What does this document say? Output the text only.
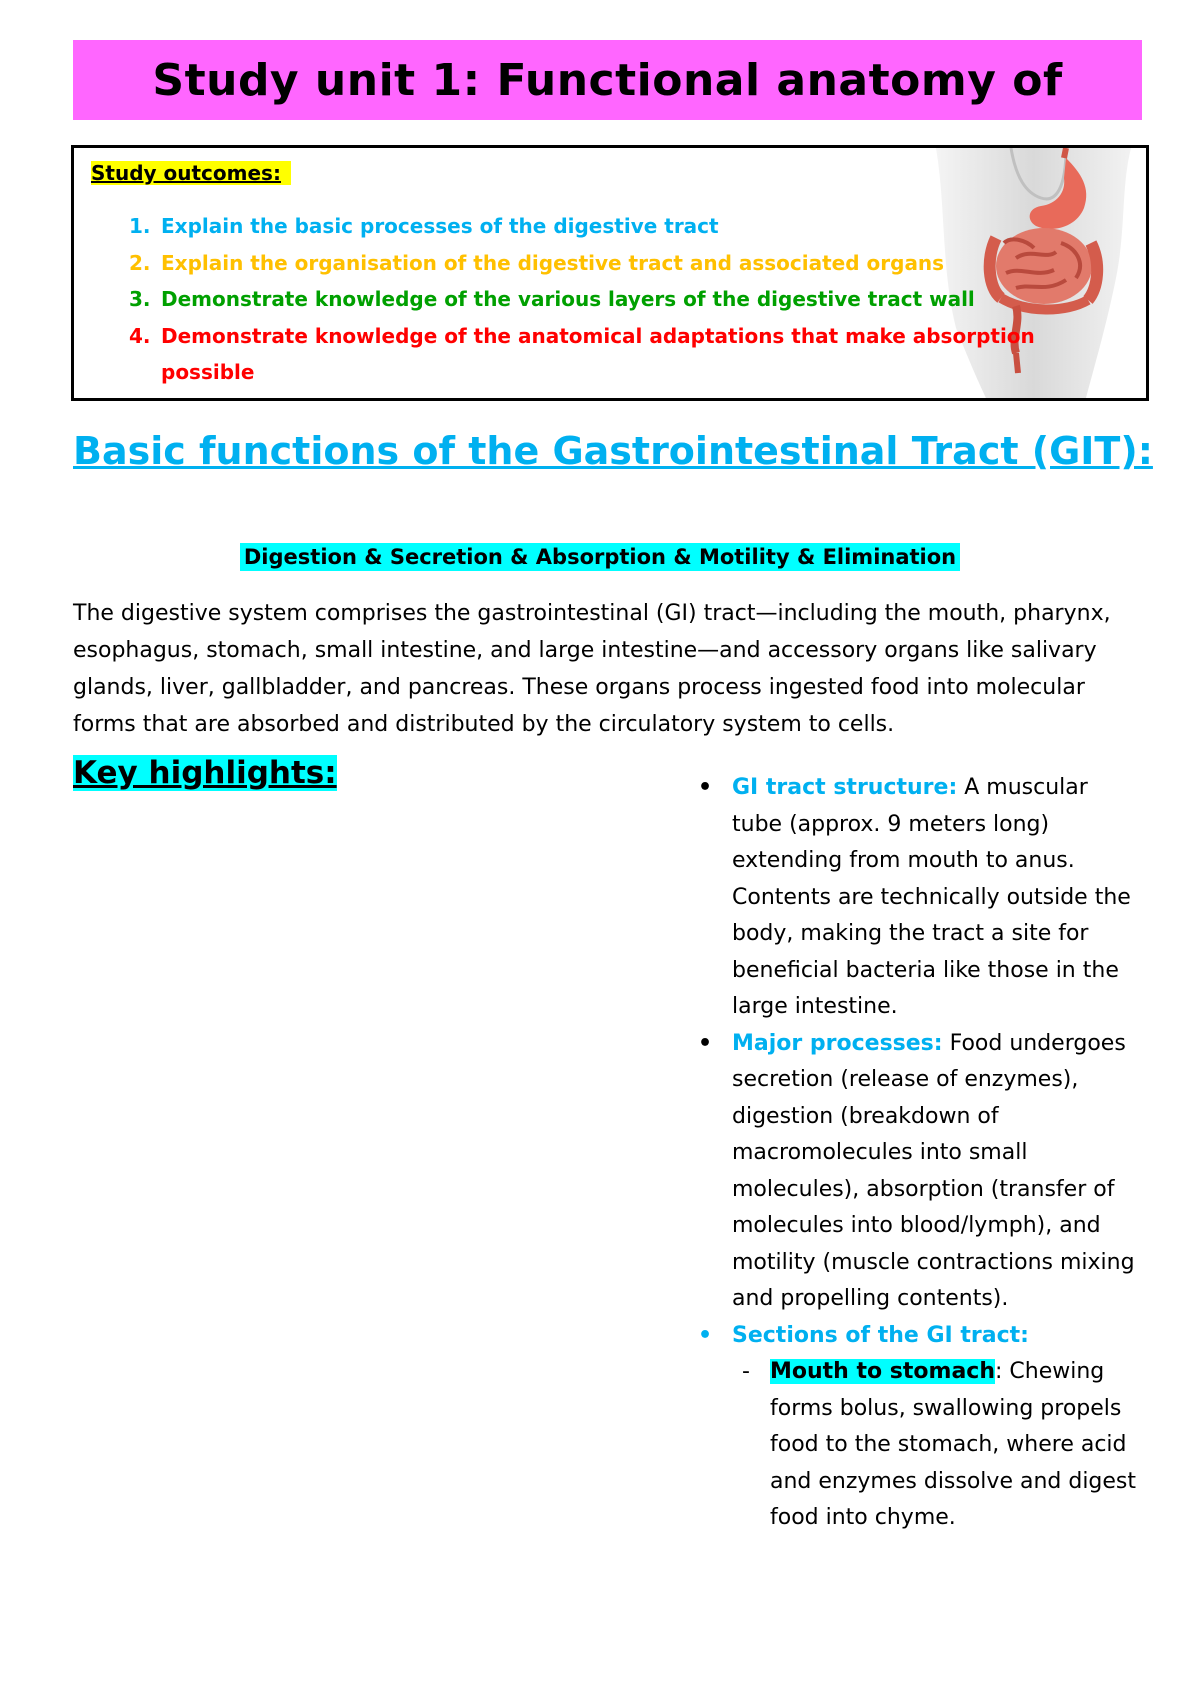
Study unit 1: Functional anatomy of
Study outcomes:
1. Explain the basic processes of the digestive tract
2. Explain the organisation of the digestive tract and associated organs
3. Demonstrate knowledge of the various layers of the digestive tract wall
4. Demonstrate knowledge of the anatomical adaptations that make absorption possible
Basic functions of the Gastrointestinal Tract (GIT):
Digestion & Secretion & Absorption & Motility & Elimination

The digestive system comprises the gastrointestinal (GI) tract—including the mouth, pharynx, esophagus, stomach, small intestine, and large intestine—and accessory organs like salivary glands, liver, gallbladder, and pancreas. These organs process ingested food into molecular forms that are absorbed and distributed by the circulatory system to cells.

Key highlights:	• GI tract structure: A muscular tube (approx. 9 meters long) extending from mouth to anus. Contents are technically outside the body, making the tract a site for beneficial bacteria like those in the large intestine.
• Major processes: Food undergoes secretion (release of enzymes), digestion (breakdown of macromolecules into small molecules), absorption (transfer of molecules into blood/lymph), and motility (muscle contractions mixing and propelling contents).
• Sections of the GI tract:
- Mouth to stomach: Chewing forms bolus, swallowing propels food to the stomach, where acid and enzymes dissolve and digest food into chyme.
